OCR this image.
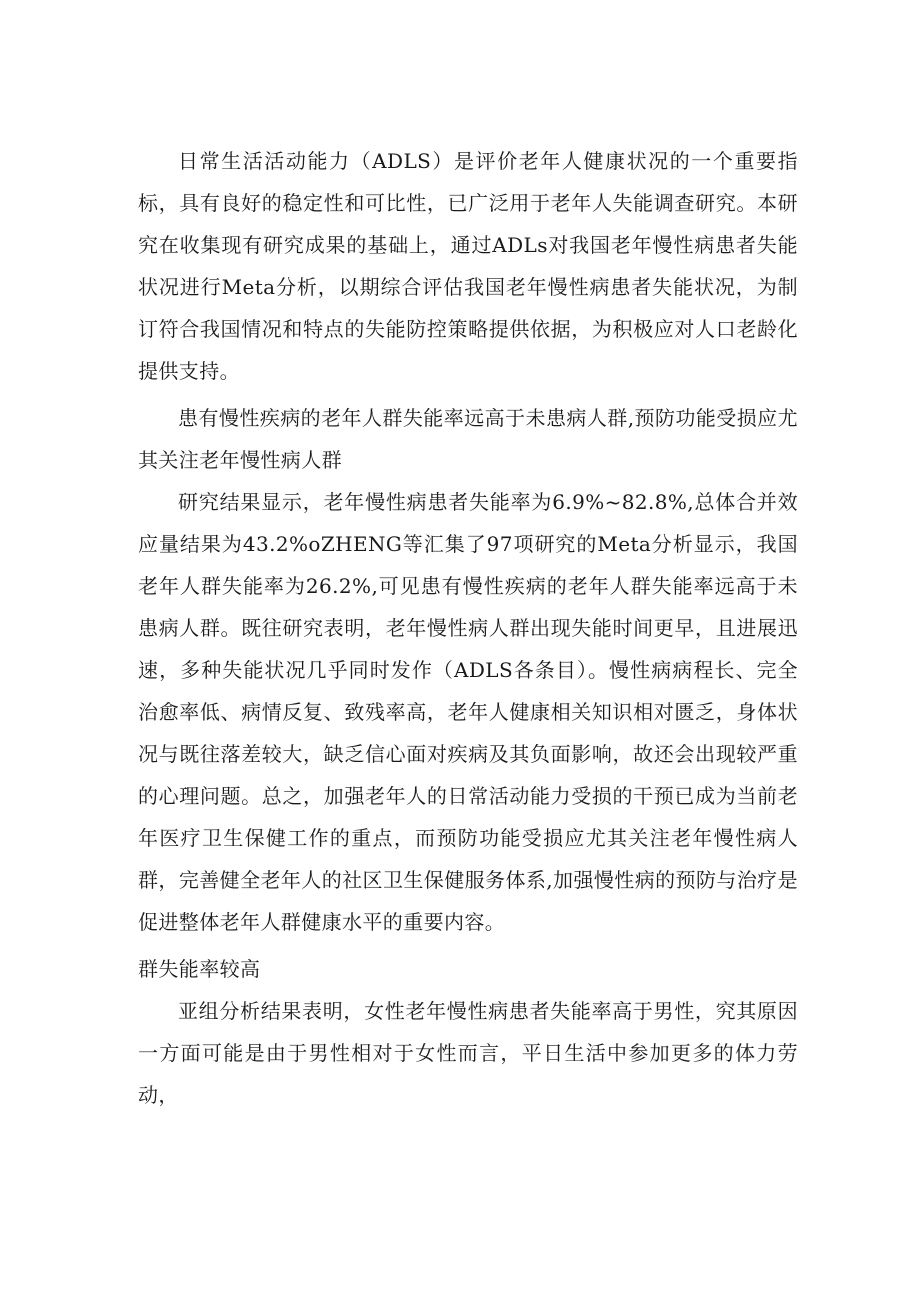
日常生活活动能力（ADLS）是评价老年人健康状况的一个重要指标，具有良好的稳定性和可比性，已广泛用于老年人失能调查研究。本研究在收集现有研究成果的基础上，通过ADLs对我国老年慢性病患者失能状况进行Meta分析，以期综合评估我国老年慢性病患者失能状况，为制订符合我国情况和特点的失能防控策略提供依据，为积极应对人口老龄化提供支持。

患有慢性疾病的老年人群失能率远高于未患病人群,预防功能受损应尤其关注老年慢性病人群

研究结果显示，老年慢性病患者失能率为6.9%~82.8%,总体合并效应量结果为43.2%oZHENG等汇集了97项研究的Meta分析显示，我国老年人群失能率为26.2%,可见患有慢性疾病的老年人群失能率远高于未患病人群。既往研究表明，老年慢性病人群出现失能时间更早，且进展迅速，多种失能状况几乎同时发作（ADLS各条目）。慢性病病程长、完全治愈率低、病情反复、致残率高，老年人健康相关知识相对匮乏，身体状况与既往落差较大，缺乏信心面对疾病及其负面影响，故还会出现较严重的心理问题。总之，加强老年人的日常活动能力受损的干预已成为当前老年医疗卫生保健工作的重点，而预防功能受损应尤其关注老年慢性病人群，完善健全老年人的社区卫生保健服务体系,加强慢性病的预防与治疗是促进整体老年人群健康水平的重要内容。

群失能率较高

亚组分析结果表明，女性老年慢性病患者失能率高于男性，究其原因一方面可能是由于男性相对于女性而言，平日生活中参加更多的体力劳动，
